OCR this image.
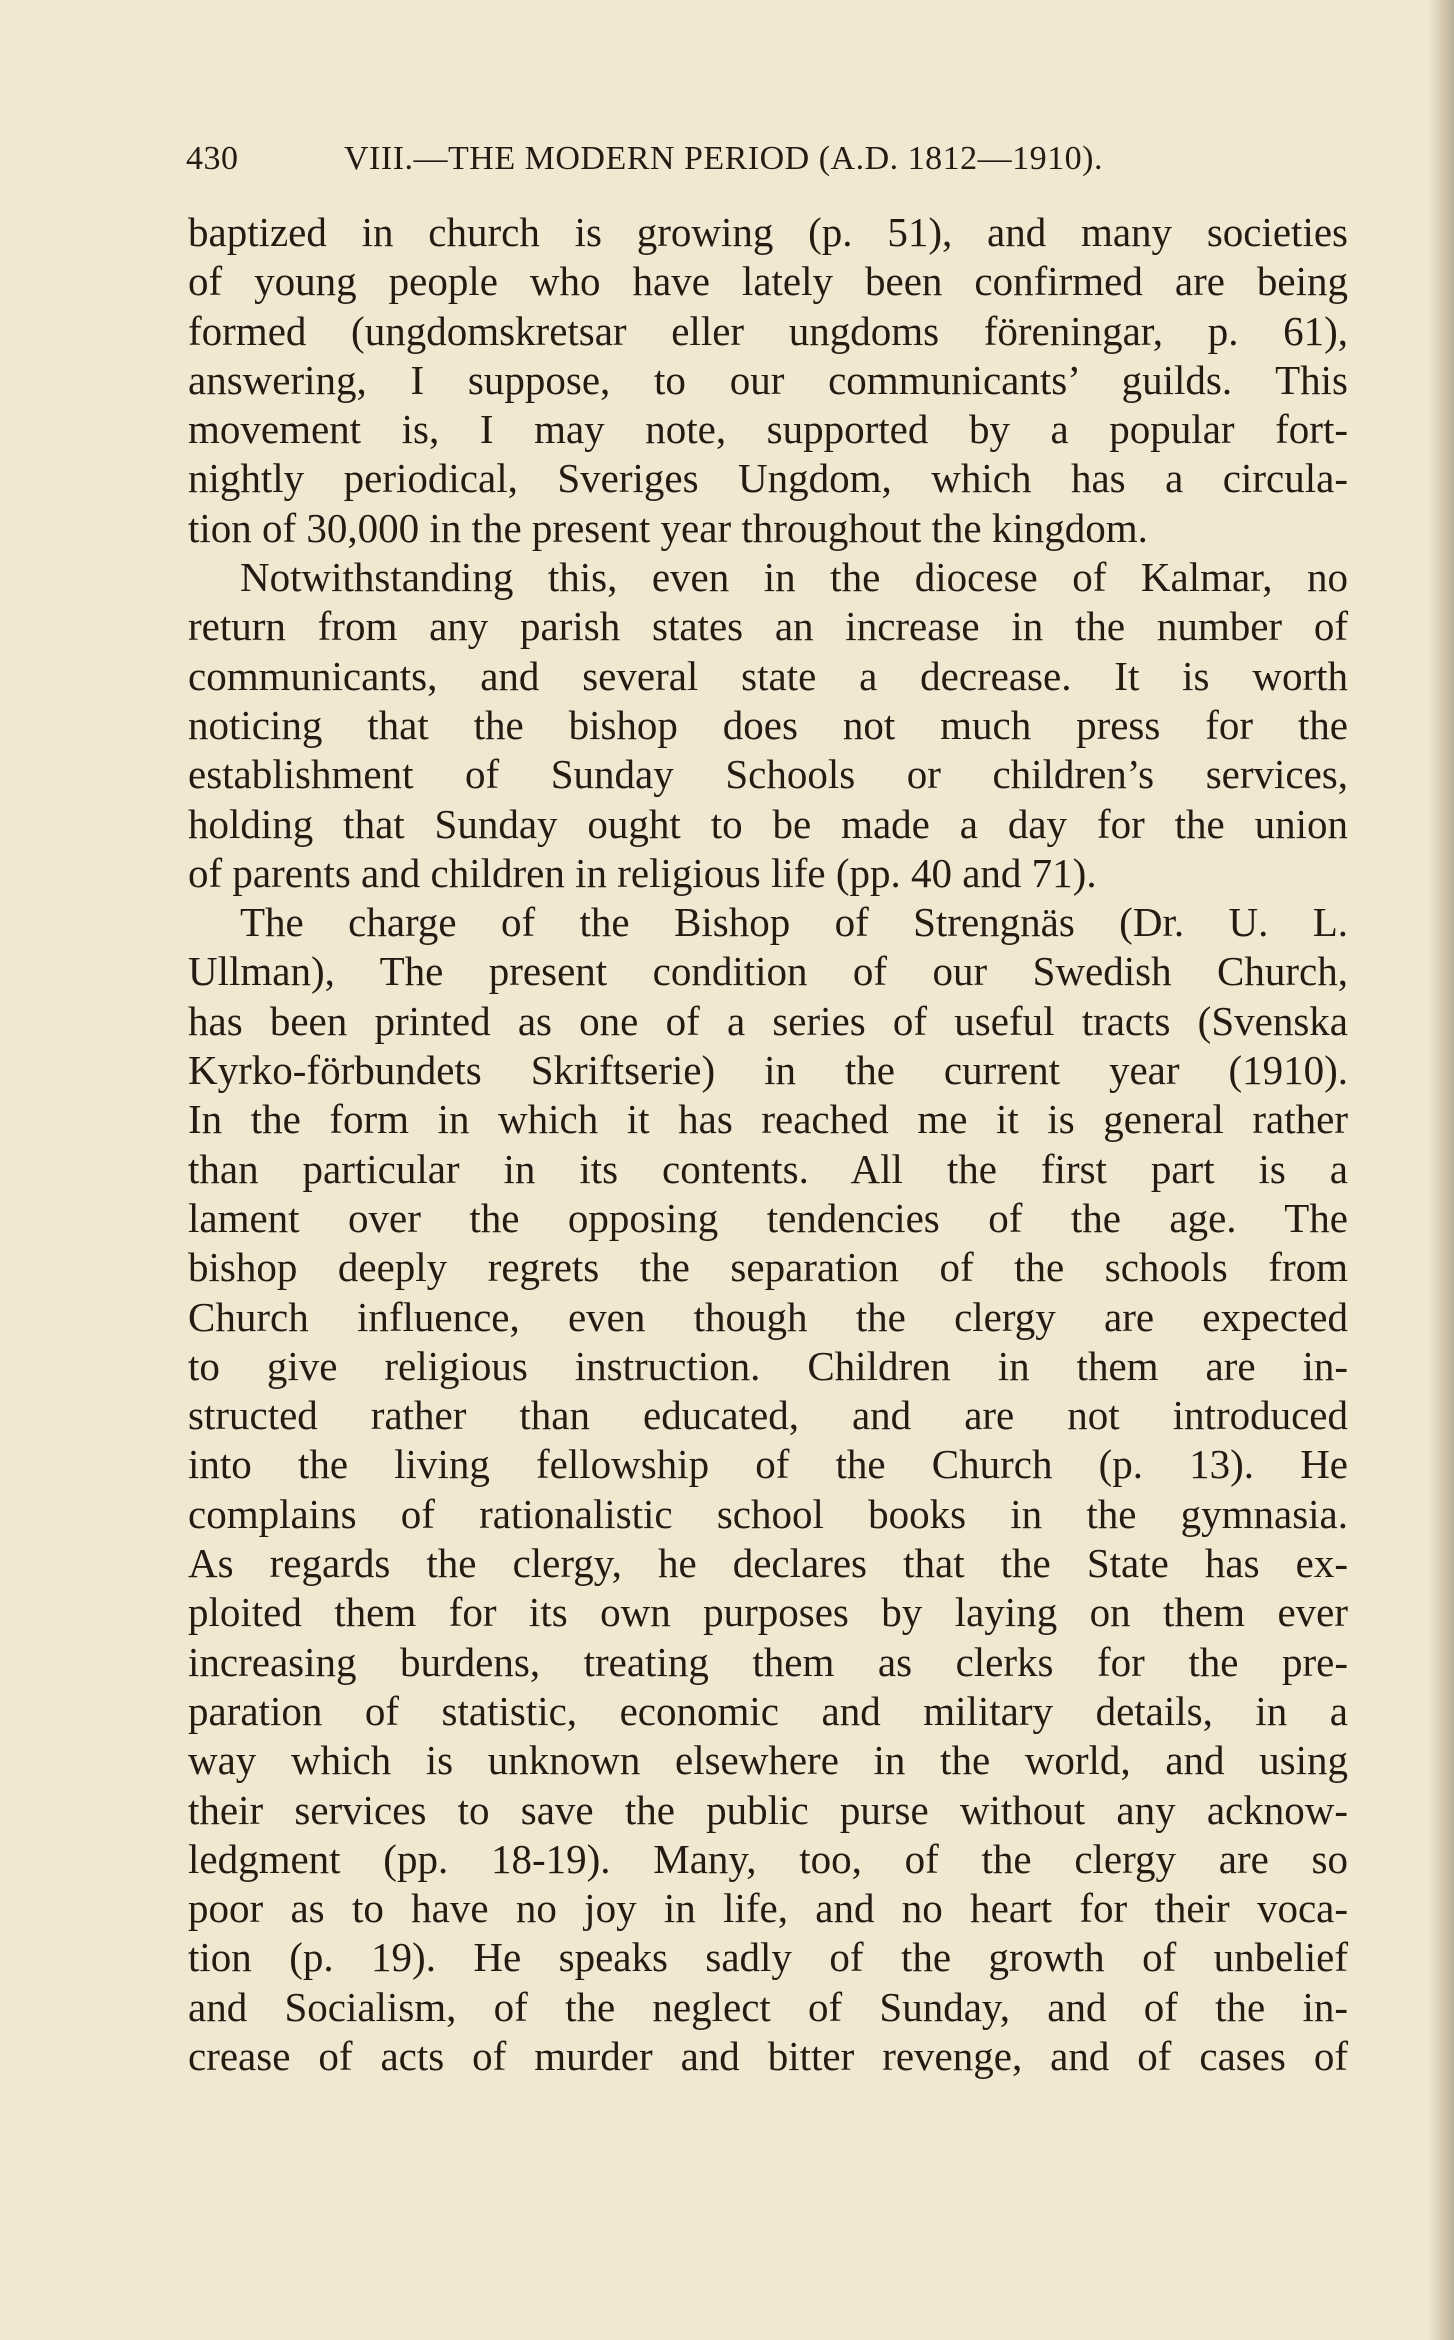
430	VIII.—THE MODERN PERIOD (A.D. 1812—1910).
baptized in church is growing (p. 51), and many societies
of young people who have lately been confirmed are being
formed (ungdomskretsar eller ungdoms föreningar, p. 61),
answering, I suppose, to our communicants’ guilds. This
movement is, I may note, supported by a popular fort-
nightly periodical, Sveriges Ungdom, which has a circula-
tion of 30,000 in the present year throughout the kingdom.
Notwithstanding this, even in the diocese of Kalmar, no
return from any parish states an increase in the number of
communicants, and several state a decrease. It is worth
noticing that the bishop does not much press for the
establishment of Sunday Schools or children’s services,
holding that Sunday ought to be made a day for the union
of parents and children in religious life (pp. 40 and 71).
The charge of the Bishop of Strengnäs (Dr. U. L.
Ullman), The present condition of our Swedish Church,
has been printed as one of a series of useful tracts (Svenska
Kyrko-förbundets Skriftserie) in the current year (1910).
In the form in which it has reached me it is general rather
than particular in its contents. All the first part is a
lament over the opposing tendencies of the age. The
bishop deeply regrets the separation of the schools from
Church influence, even though the clergy are expected
to give religious instruction. Children in them are in-
structed rather than educated, and are not introduced
into the living fellowship of the Church (p. 13). He
complains of rationalistic school books in the gymnasia.
As regards the clergy, he declares that the State has ex-
ploited them for its own purposes by laying on them ever
increasing burdens, treating them as clerks for the pre-
paration of statistic, economic and military details, in a
way which is unknown elsewhere in the world, and using
their services to save the public purse without any acknow-
ledgment (pp. 18-19). Many, too, of the clergy are so
poor as to have no joy in life, and no heart for their voca-
tion (p. 19). He speaks sadly of the growth of unbelief
and Socialism, of the neglect of Sunday, and of the in-
crease of acts of murder and bitter revenge, and of cases of
